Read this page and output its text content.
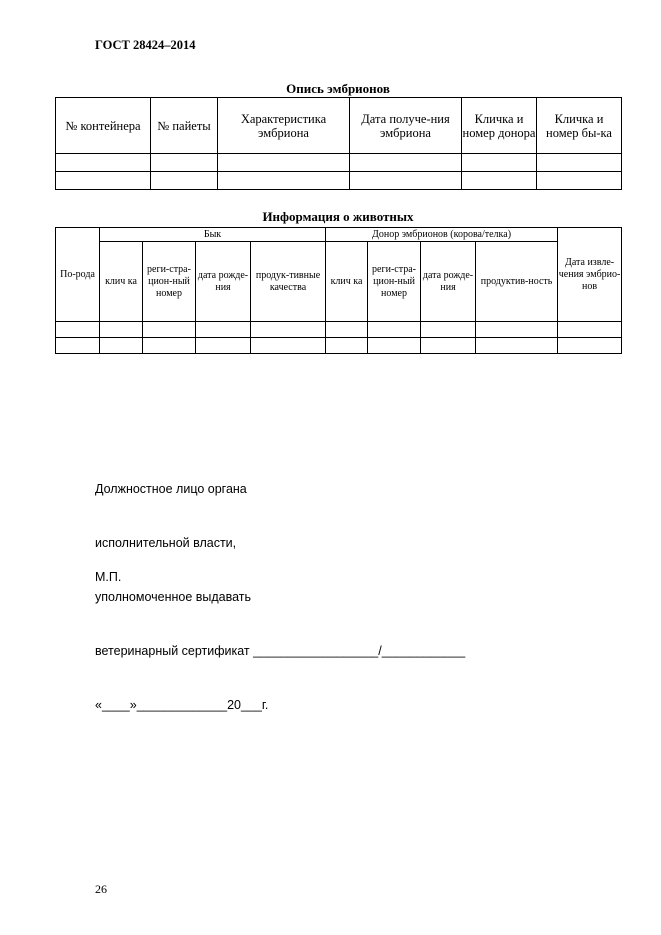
ГОСТ 28424–2014
Опись эмбрионов
№ контейнера	№ пайеты	Характеристика эмбриона	Дата получе-ния эмбриона	Кличка и номер донора	Кличка и номер бы-ка

Информация о животных
По-рода	Бык				Донор эмбрионов (корова/телка)				Дата извле-чения эмбрио-нов
	клич ка	реги-стра-цион-ный номер	дата рожде-ния	продук-тивные качества	клич ка	реги-стра-цион-ный номер	дата рожде-ния	продуктив-ность	

Должностное лицо органа

исполнительной власти,

уполномоченное выдавать

ветеринарный сертификат __________________/____________

«____»_____________20___г.

М.П.
26
